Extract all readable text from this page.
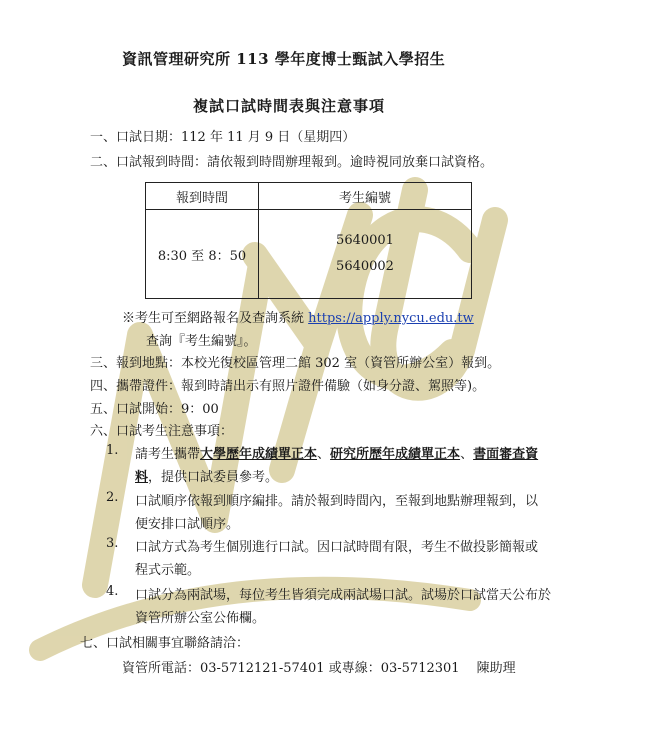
資訊管理研究所 113 學年度博士甄試入學招生
複試口試時間表與注意事項
一、口試日期：112 年 11 月 9 日（星期四）
二、口試報到時間：請依報到時間辦理報到。逾時視同放棄口試資格。
報到時間	考生編號
8:30 至 8：50	5640001
5640002
※考生可至網路報名及查詢系統 https://apply.nycu.edu.tw
查詢『考生編號』。
三、報到地點：本校光復校區管理二館 302 室（資管所辦公室）報到。
四、攜帶證件：報到時請出示有照片證件備驗（如身分證、駕照等)。
五、口試開始：9：00
六、口試考生注意事項：
1. 請考生攜帶大學歷年成績單正本、研究所歷年成績單正本、書面審查資
料，提供口試委員參考。
2. 口試順序依報到順序編排。請於報到時間內，至報到地點辦理報到，以
便安排口試順序。
3. 口試方式為考生個別進行口試。因口試時間有限，考生不做投影簡報或
程式示範。
4. 口試分為兩試場，每位考生皆須完成兩試場口試。試場於口試當天公布於
資管所辦公室公佈欄。
七、口試相關事宜聯絡請洽：
資管所電話：03-5712121-57401 或專線：03-5712301　 陳助理
